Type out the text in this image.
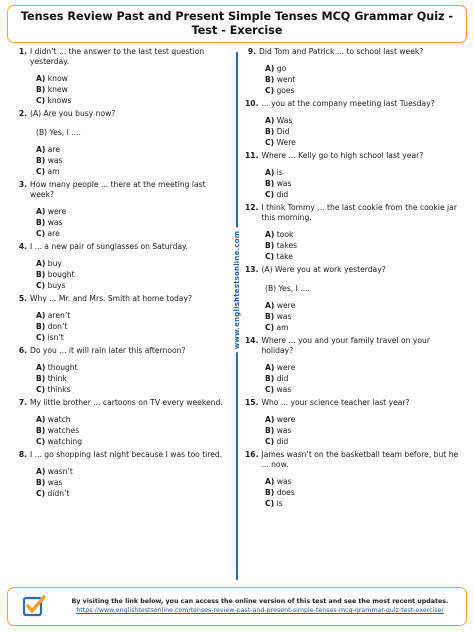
Tenses Review Past and Present Simple Tenses MCQ Grammar Quiz - Test - Exercise
www.englishtestsonline.com
1. I didn’t ... the answer to the last test question yesterday.
A) know
B) knew
C) knows
2. (A) Are you busy now?
(B) Yes, I ....
A) are
B) was
C) am
3. How many people ... there at the meeting last week?
A) were
B) was
C) are
4. I ... a new pair of sunglasses on Saturday.
A) buy
B) bought
C) buys
5. Why ... Mr. and Mrs. Smith at home today?
A) aren’t
B) don’t
C) isn’t
6. Do you ... it will rain later this afternoon?
A) thought
B) think
C) thinks
7. My little brother ... cartoons on TV every weekend.
A) watch
B) watches
C) watching
8. I ... go shopping last night because I was too tired.
A) wasn’t
B) was
C) didn’t
9. Did Tom and Patrick ... to school last week?
A) go
B) went
C) goes
10. ... you at the company meeting last Tuesday?
A) Was
B) Did
C) Were
11. Where ... Kelly go to high school last year?
A) is
B) was
C) did
12. I think Tommy ... the last cookie from the cookie jar this morning.
A) took
B) takes
C) take
13. (A) Were you at work yesterday?
(B) Yes, I ....
A) were
B) was
C) am
14. Where ... you and your family travel on your holiday?
A) were
B) did
C) was
15. Who ... your science teacher last year?
A) were
B) was
C) did
16. James wasn’t on the basketball team before, but he ... now.
A) was
B) does
C) is
By visiting the link below, you can access the online version of this test and see the most recent updates.
https://www.englishtestsonline.com/tenses-review-past-and-present-simple-tenses-mcq-grammar-quiz-test-exercise/
